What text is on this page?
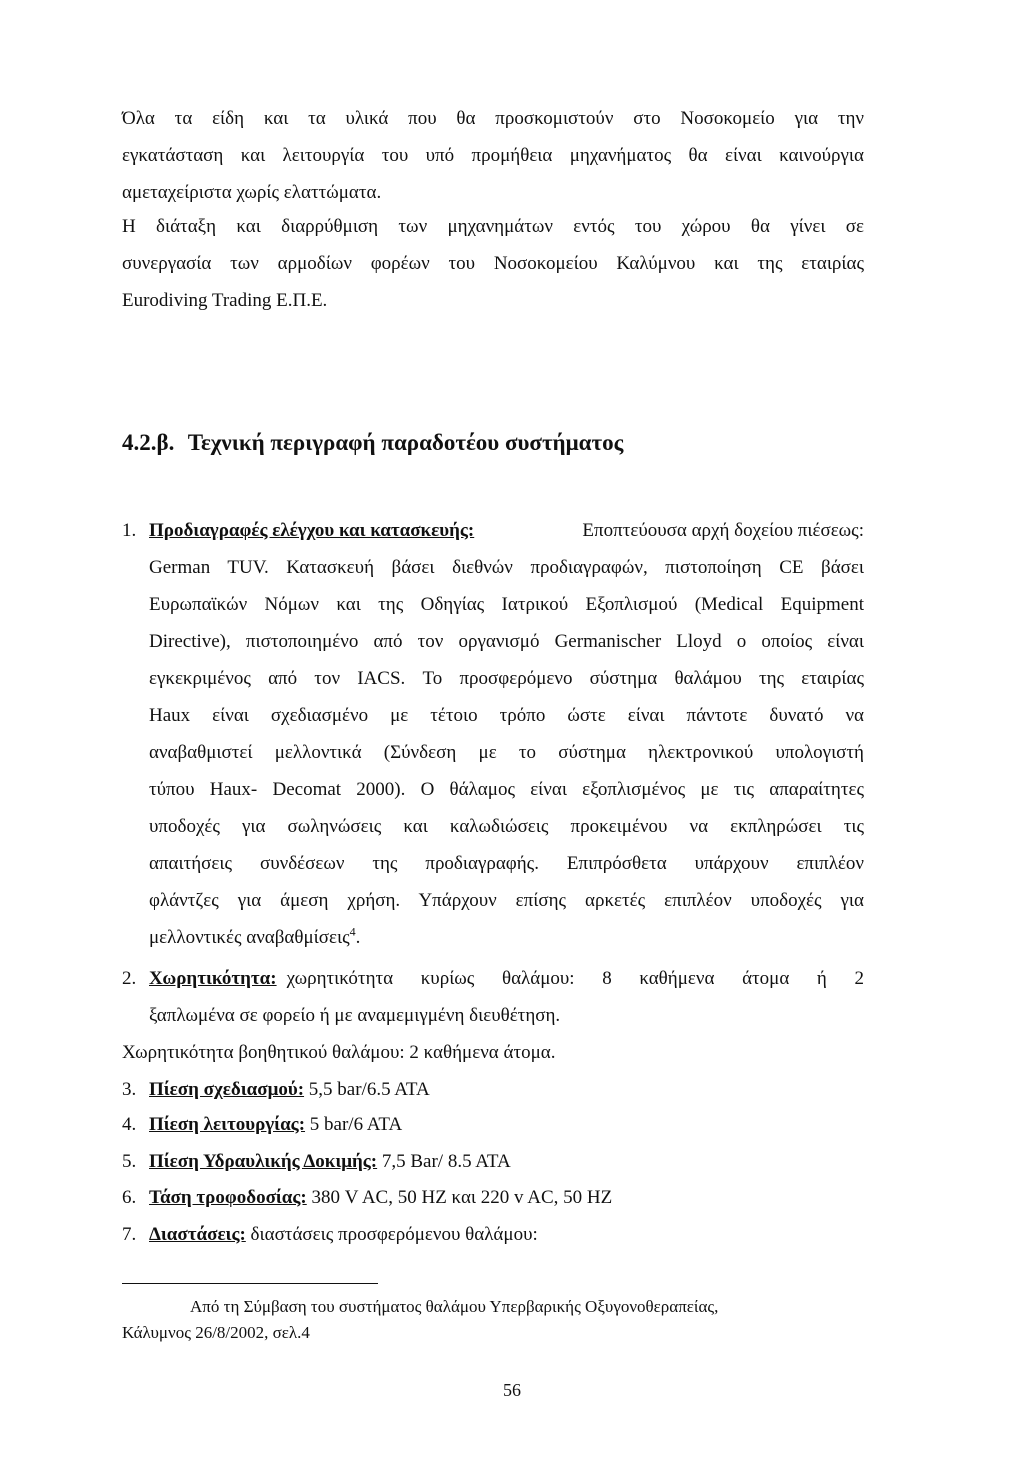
Όλα τα είδη και τα υλικά που θα προσκομιστούν στο Νοσοκομείο για την
εγκατάσταση και λειτουργία του υπό προμήθεια μηχανήματος θα είναι καινούργια
αμεταχείριστα χωρίς ελαττώματα.
Η διάταξη και διαρρύθμιση των μηχανημάτων εντός του χώρου θα γίνει σε
συνεργασία των αρμοδίων φορέων του Νοσοκομείου Καλύμνου και της εταιρίας
Eurodiving Trading Ε.Π.Ε.
4.2.β. Τεχνική περιγραφή παραδοτέου συστήματος
1. Προδιαγραφές ελέγχου και κατασκευής:	Εποπτεύουσα αρχή δοχείου πιέσεως:
German TUV. Κατασκευή βάσει διεθνών προδιαγραφών, πιστοποίηση CE βάσει
Ευρωπαϊκών Νόμων και της Οδηγίας Ιατρικού Εξοπλισμού (Medical Equipment
Directive), πιστοποιημένο από τον οργανισμό Germanischer Lloyd ο οποίος είναι
εγκεκριμένος από τον IACS. Το προσφερόμενο σύστημα θαλάμου της εταιρίας
Haux είναι σχεδιασμένο με τέτοιο τρόπο ώστε είναι πάντοτε δυνατό να
αναβαθμιστεί μελλοντικά (Σύνδεση με το σύστημα ηλεκτρονικού υπολογιστή
τύπου Haux- Decomat 2000). Ο θάλαμος είναι εξοπλισμένος με τις απαραίτητες
υποδοχές για σωληνώσεις και καλωδιώσεις προκειμένου να εκπληρώσει τις
απαιτήσεις συνδέσεων της προδιαγραφής. Επιπρόσθετα υπάρχουν επιπλέον
φλάντζες για άμεση χρήση. Υπάρχουν επίσης αρκετές επιπλέον υποδοχές για
μελλοντικές αναβαθμίσεις$^4$.
2. Χωρητικότητα: χωρητικότητα κυρίως θαλάμου: 8 καθήμενα άτομα ή 2
ξαπλωμένα σε φορείο ή με αναμεμιγμένη διευθέτηση.
Χωρητικότητα βοηθητικού θαλάμου: 2 καθήμενα άτομα.
3. Πίεση σχεδιασμού: 5,5 bar/6.5 ATA
4. Πίεση λειτουργίας: 5 bar/6 ATA
5. Πίεση Υδραυλικής Δοκιμής: 7,5 Bar/ 8.5 ATA
6. Τάση τροφοδοσίας: 380 V AC, 50 HZ και 220 v AC, 50 HZ
7. Διαστάσεις: διαστάσεις προσφερόμενου θαλάμου:
Από τη Σύμβαση του συστήματος θαλάμου Υπερβαρικής Οξυγονοθεραπείας,
Κάλυμνος 26/8/2002, σελ.4
56
